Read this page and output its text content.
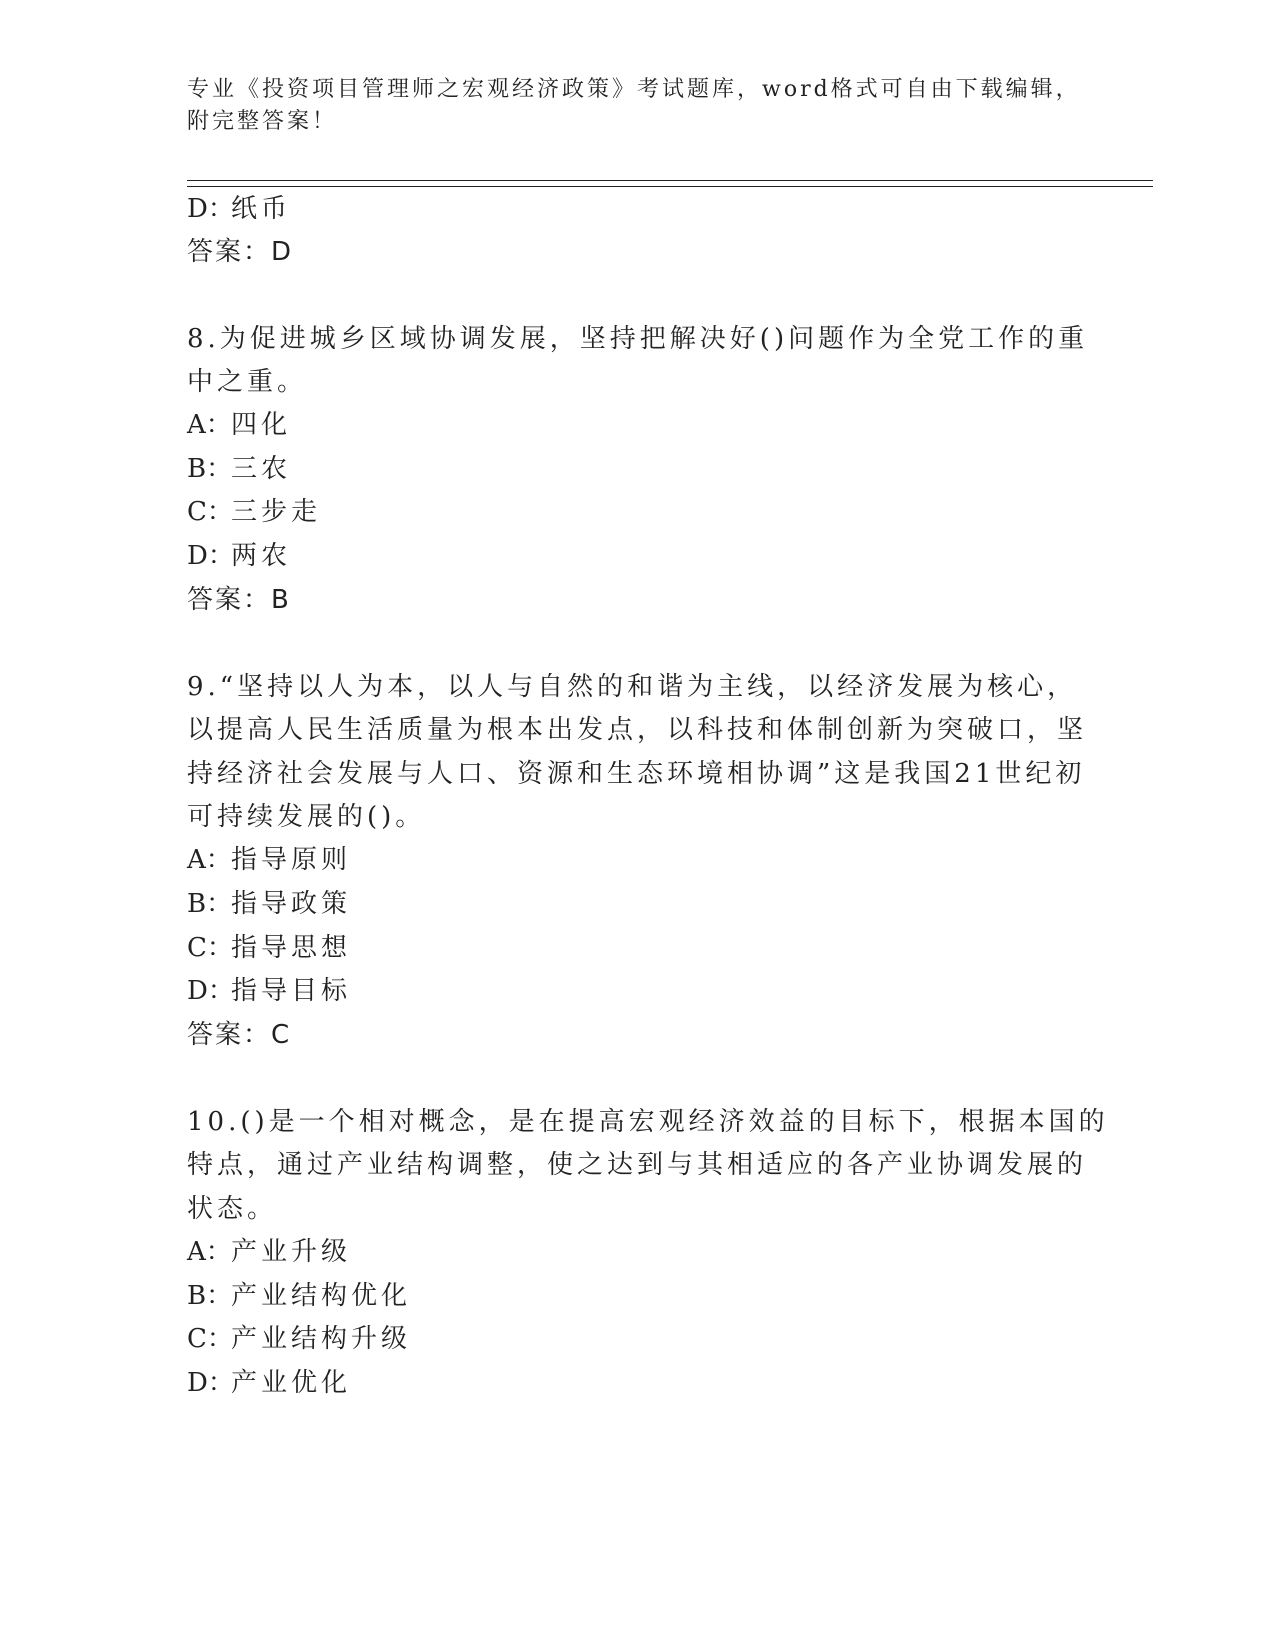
专业《投资项目管理师之宏观经济政策》考试题库，word格式可自由下载编辑，
附完整答案！
D：纸币
答案：D
8.为促进城乡区域协调发展，坚持把解决好()问题作为全党工作的重
中之重。
A：四化
B：三农
C：三步走
D：两农
答案：B
9.“坚持以人为本，以人与自然的和谐为主线，以经济发展为核心，
以提高人民生活质量为根本出发点，以科技和体制创新为突破口，坚
持经济社会发展与人口、资源和生态环境相协调”这是我国21世纪初
可持续发展的()。
A：指导原则
B：指导政策
C：指导思想
D：指导目标
答案：C
10.()是一个相对概念，是在提高宏观经济效益的目标下，根据本国的
特点，通过产业结构调整，使之达到与其相适应的各产业协调发展的
状态。
A：产业升级
B：产业结构优化
C：产业结构升级
D：产业优化
